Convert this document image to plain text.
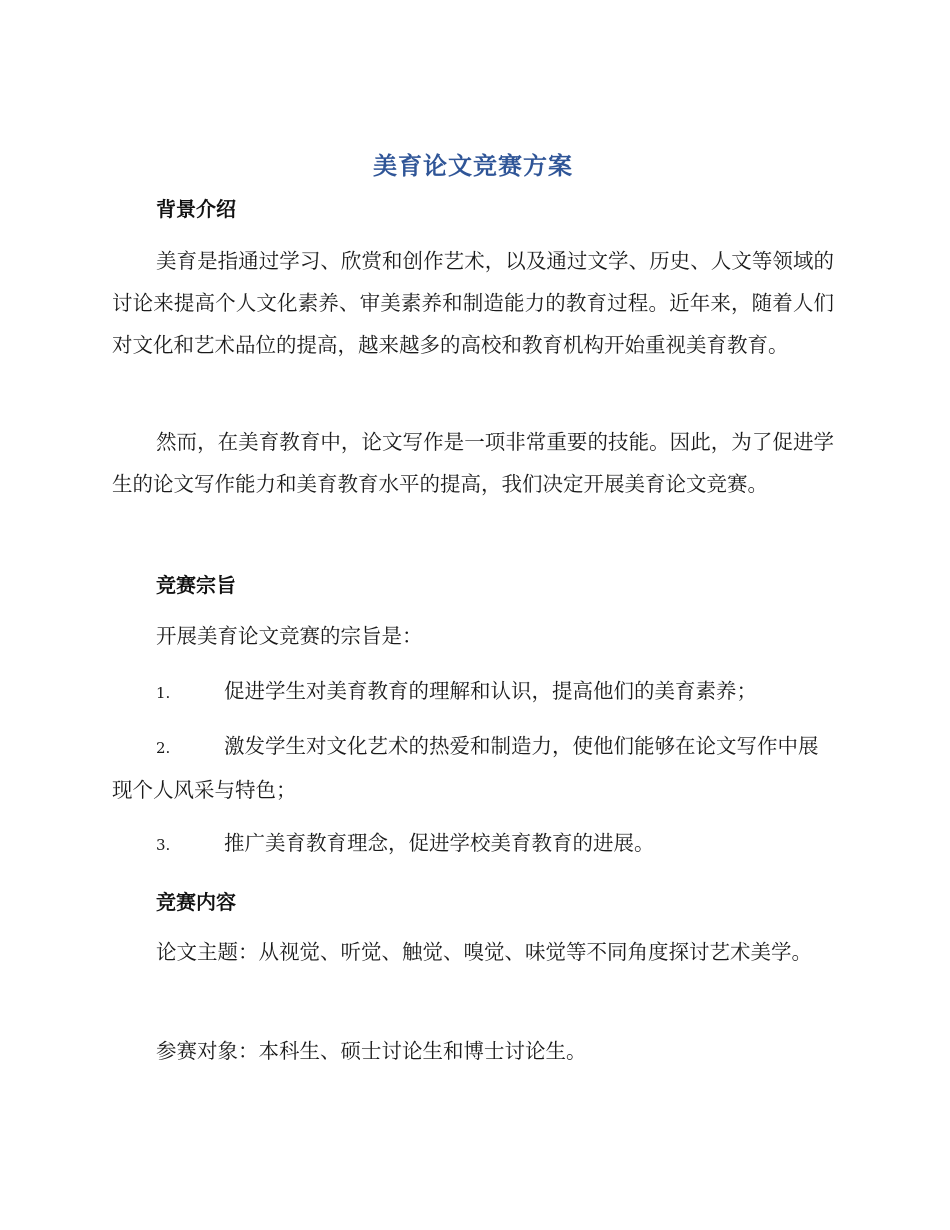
美育论文竞赛方案
背景介绍
美育是指通过学习、欣赏和创作艺术，以及通过文学、历史、人文等领域的讨论来提高个人文化素养、审美素养和制造能力的教育过程。近年来，随着人们对文化和艺术品位的提高，越来越多的高校和教育机构开始重视美育教育。
然而，在美育教育中，论文写作是一项非常重要的技能。因此，为了促进学生的论文写作能力和美育教育水平的提高，我们决定开展美育论文竞赛。
竞赛宗旨
开展美育论文竞赛的宗旨是：
1.	促进学生对美育教育的理解和认识，提高他们的美育素养；
2.	激发学生对文化艺术的热爱和制造力，使他们能够在论文写作中展现个人风采与特色；
3.	推广美育教育理念，促进学校美育教育的进展。
竞赛内容
论文主题：从视觉、听觉、触觉、嗅觉、味觉等不同角度探讨艺术美学。
参赛对象：本科生、硕士讨论生和博士讨论生。
